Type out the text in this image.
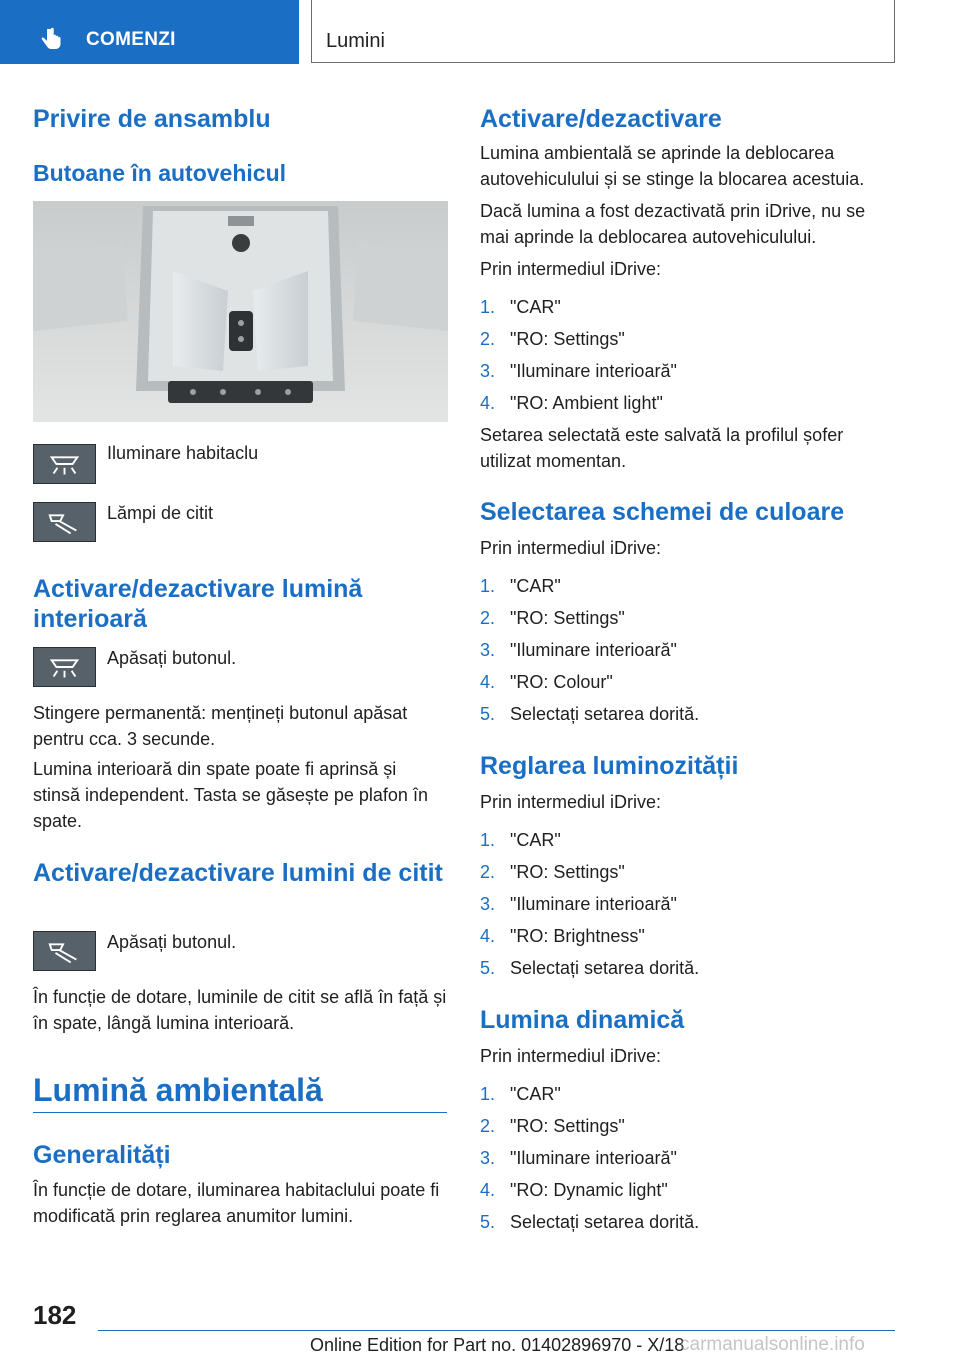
COMENZI	Lumini
Privire de ansamblu
Butoane în autovehicul
Iluminare habitaclu
Lămpi de citit
Activare/dezactivare lumină interioară
Apăsați butonul.

Stingere permanentă: mențineți butonul apăsat pentru cca. 3 secunde.

Lumina interioară din spate poate fi aprinsă și stinsă independent. Tasta se găsește pe plafon în spate.

Activare/dezactivare lumini de citit
Apăsați butonul.

În funcție de dotare, luminile de citit se află în față și în spate, lângă lumina interioară.

Lumină ambientală
Generalități

În funcție de dotare, iluminarea habitaclului poate fi modificată prin reglarea anumitor lumini.

Activare/dezactivare

Lumina ambientală se aprinde la deblocarea autovehiculului și se stinge la blocarea acestuia.

Dacă lumina a fost dezactivată prin iDrive, nu se mai aprinde la deblocarea autovehiculului.

Prin intermediul iDrive:

1. "CAR"
2. "RO: Settings"
3. "Iluminare interioară"
4. "RO: Ambient light"

Setarea selectată este salvată la profilul șofer utilizat momentan.

Selectarea schemei de culoare

Prin intermediul iDrive:

1. "CAR"
2. "RO: Settings"
3. "Iluminare interioară"
4. "RO: Colour"
5. Selectați setarea dorită.
Reglarea luminozității

Prin intermediul iDrive:

1. "CAR"
2. "RO: Settings"
3. "Iluminare interioară"
4. "RO: Brightness"
5. Selectați setarea dorită.
Lumina dinamică

Prin intermediul iDrive:

1. "CAR"
2. "RO: Settings"
3. "Iluminare interioară"
4. "RO: Dynamic light"
5. Selectați setarea dorită.
182
Online Edition for Part no. 01402896970 - X/18
carmanualsonline.info
